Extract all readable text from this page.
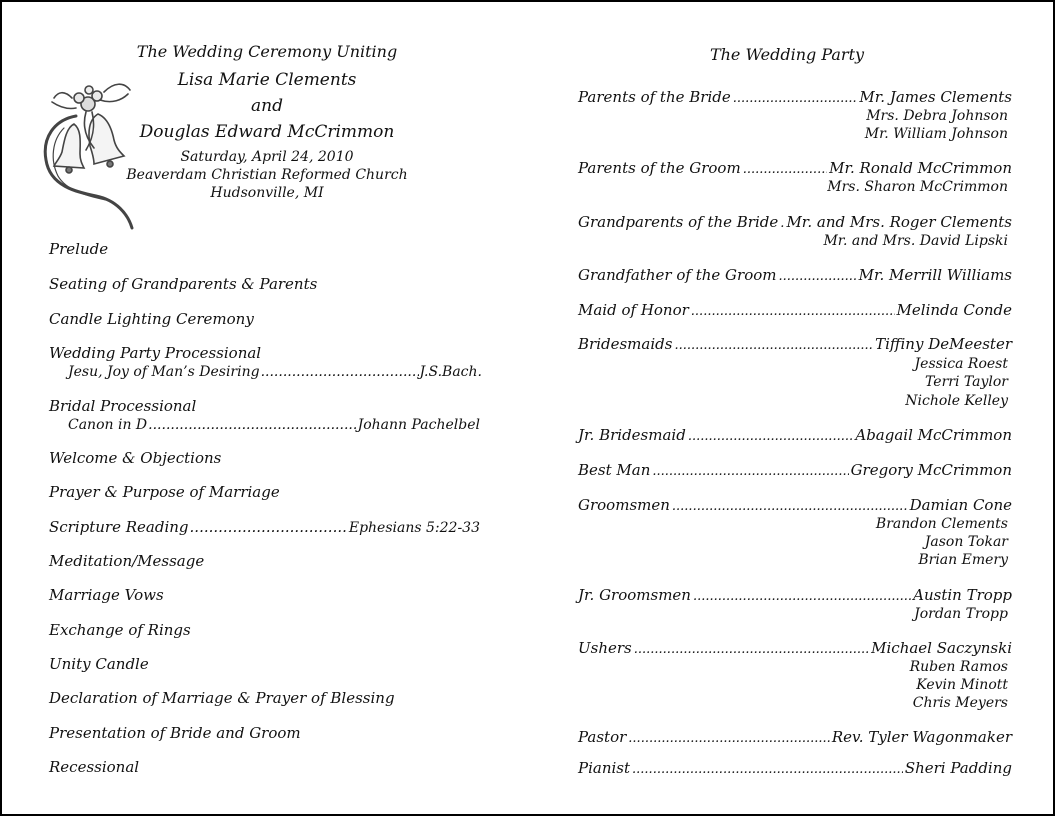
The Wedding Ceremony Uniting
Lisa Marie Clements
and
Douglas Edward McCrimmon
Saturday, April 24, 2010
Beaverdam Christian Reformed Church
Hudsonville, MI
Prelude
Seating of Grandparents & Parents
Candle Lighting Ceremony
Wedding Party Processional
Jesu, Joy of Man’s Desiring .....	J.S.Bach.
Bridal Processional
Canon in D .....	Johann Pachelbel
Welcome & Objections
Prayer & Purpose of Marriage
Scripture Reading .....	Ephesians 5:22-33
Meditation/Message
Marriage Vows
Exchange of Rings
Unity Candle
Declaration of Marriage & Prayer of Blessing
Presentation of Bride and Groom
Recessional
The Wedding Party
Parents of the Bride .....	Mr. James Clements
Mrs. Debra Johnson
Mr. William Johnson
Parents of the Groom .....	Mr. Ronald McCrimmon
Mrs. Sharon McCrimmon
Grandparents of the Bride ..... Mr. and Mrs. Roger Clements
Mr. and Mrs. David Lipski
Grandfather of the Groom .....	Mr. Merrill Williams
Maid of Honor .....	Melinda Conde
Bridesmaids .....	Tiffiny DeMeester
Jessica Roest
Terri Taylor
Nichole Kelley
Jr. Bridesmaid .....	Abagail McCrimmon
Best Man .....	Gregory McCrimmon
Groomsmen .....	Damian Cone
Brandon Clements
Jason Tokar
Brian Emery
Jr. Groomsmen .....	Austin Tropp
Jordan Tropp
Ushers .....	Michael Saczynski
Ruben Ramos
Kevin Minott
Chris Meyers
Pastor .....	Rev. Tyler Wagonmaker
Pianist .....	Sheri Padding
